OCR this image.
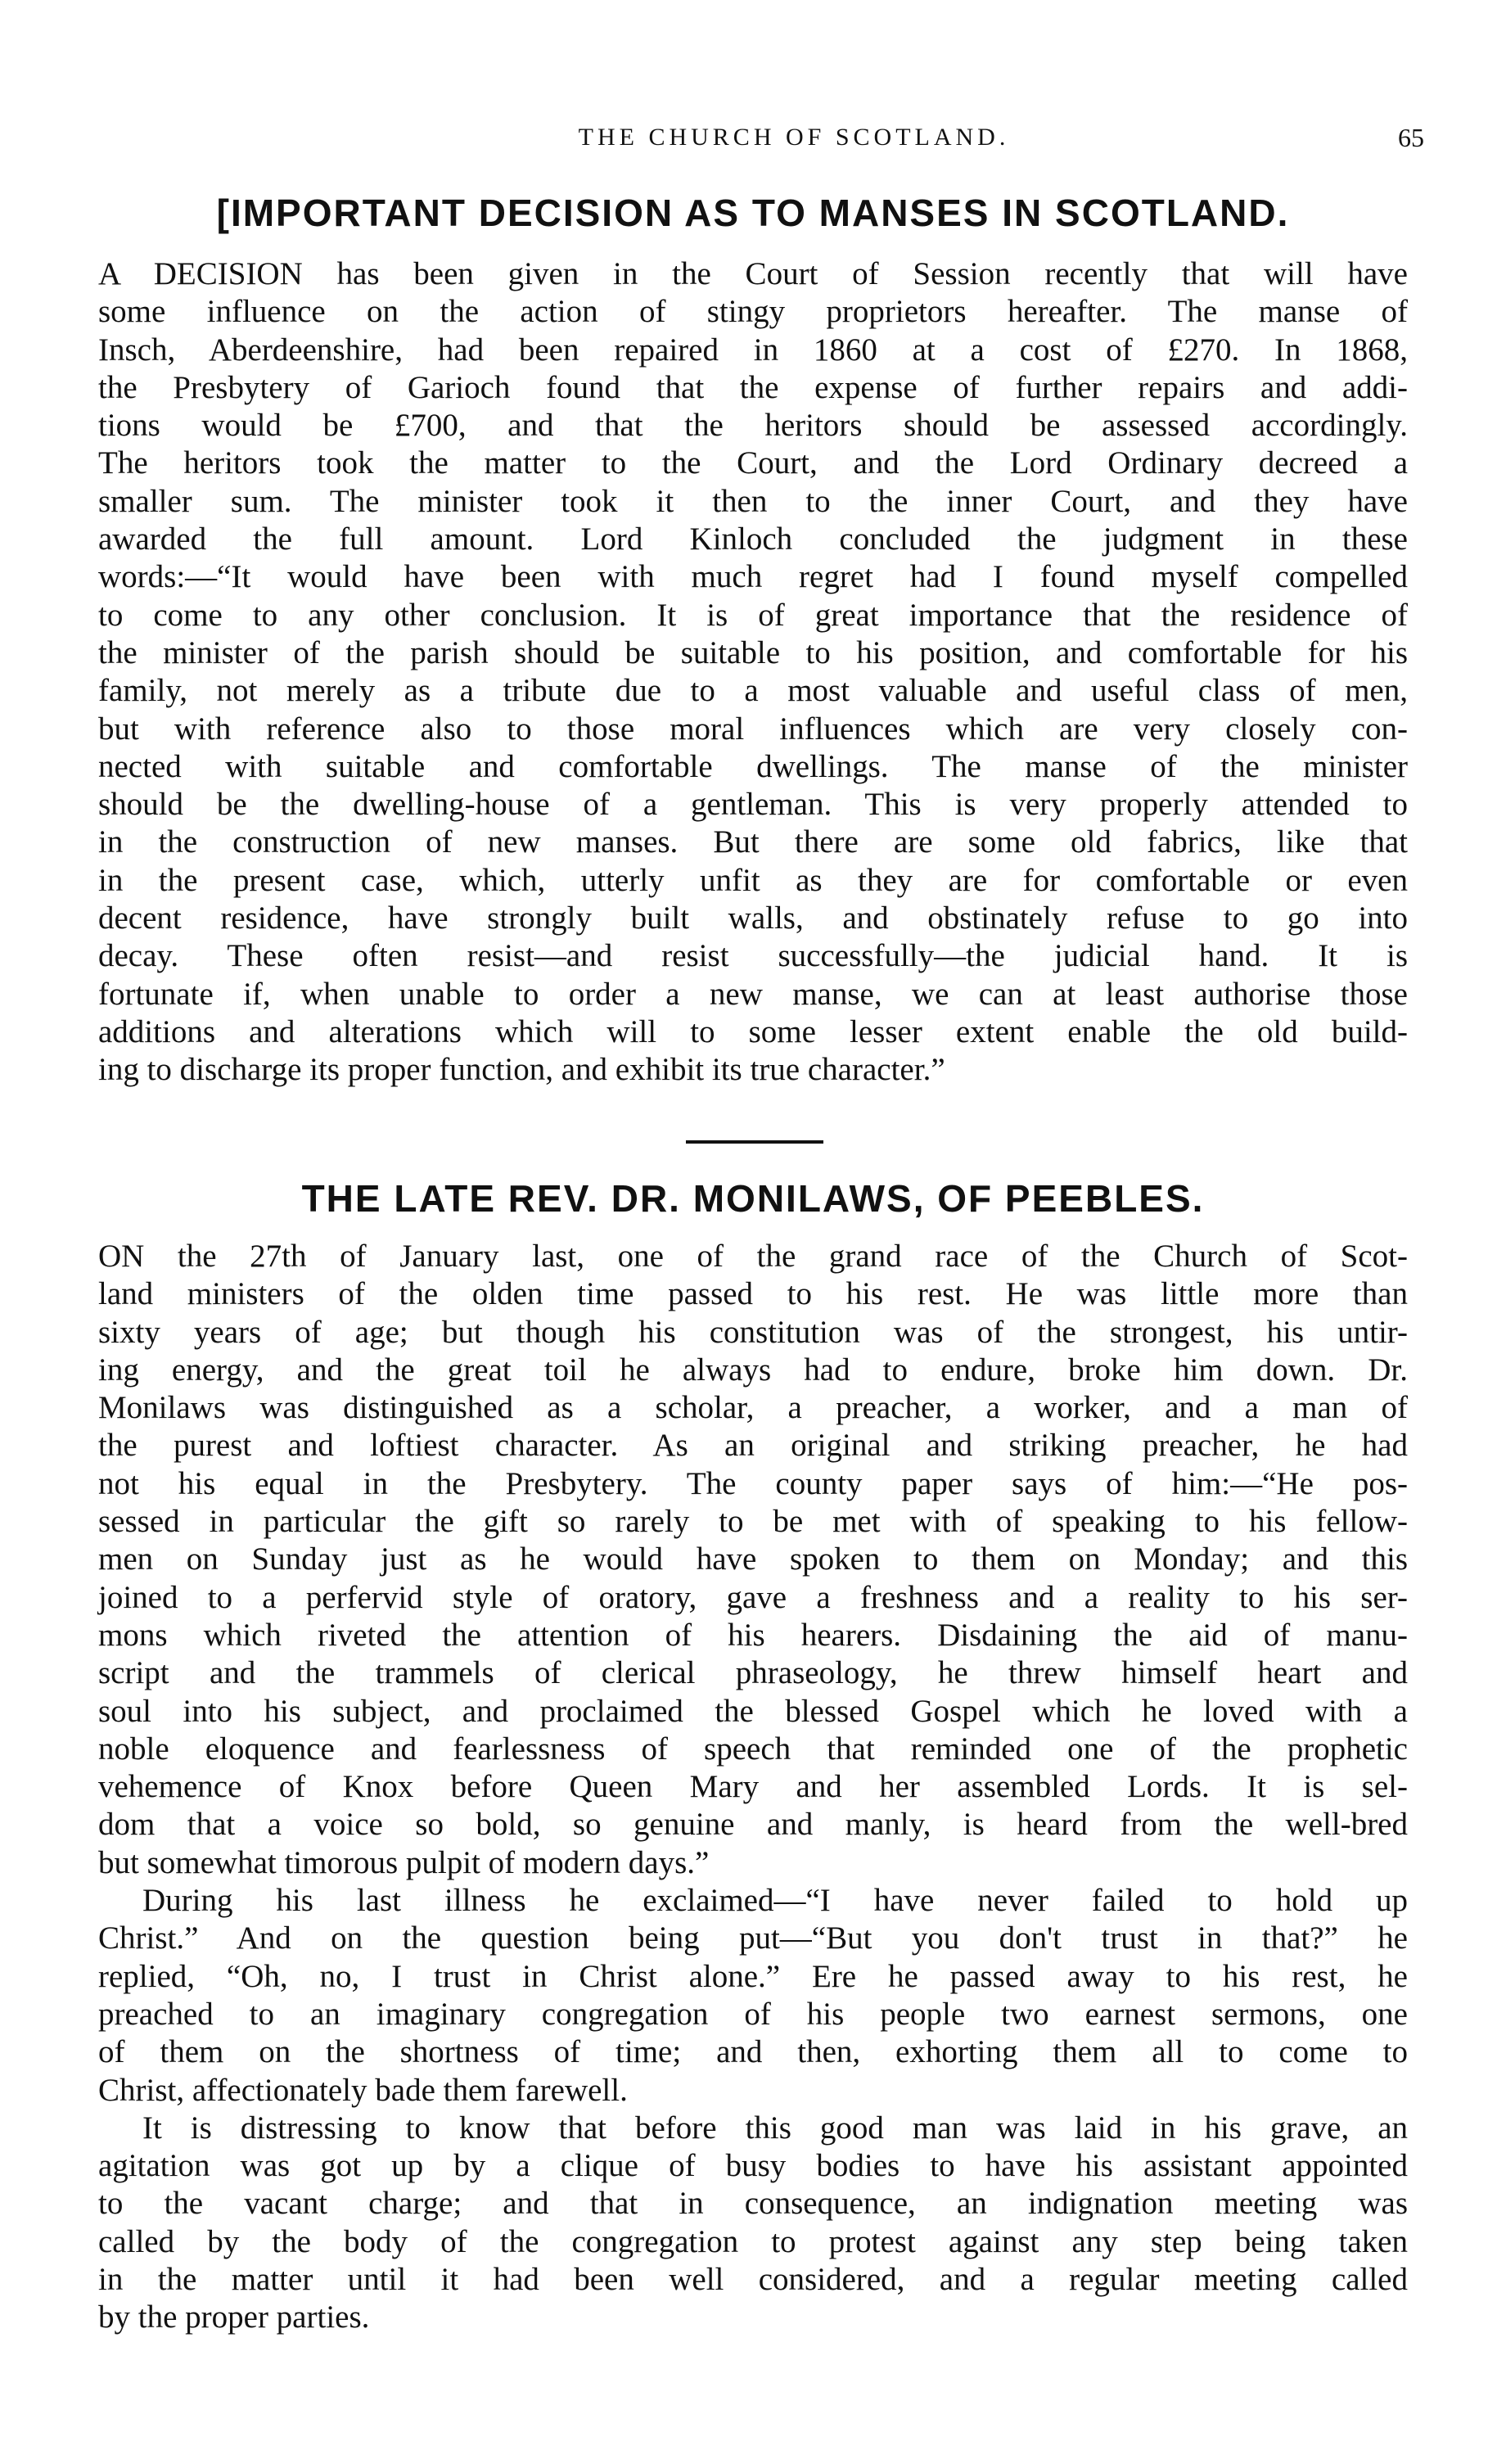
THE CHURCH OF SCOTLAND.	65
[IMPORTANT DECISION AS TO MANSES IN SCOTLAND.

A DECISION has been given in the Court of Session recently that will have
some influence on the action of stingy proprietors hereafter. The manse of
Insch, Aberdeenshire, had been repaired in 1860 at a cost of £270. In 1868,
the Presbytery of Garioch found that the expense of further repairs and addi-
tions would be £700, and that the heritors should be assessed accordingly.
The heritors took the matter to the Court, and the Lord Ordinary decreed a
smaller sum. The minister took it then to the inner Court, and they have
awarded the full amount. Lord Kinloch concluded the judgment in these
words:—“It would have been with much regret had I found myself compelled
to come to any other conclusion. It is of great importance that the residence of
the minister of the parish should be suitable to his position, and comfortable for his
family, not merely as a tribute due to a most valuable and useful class of men,
but with reference also to those moral influences which are very closely con-
nected with suitable and comfortable dwellings. The manse of the minister
should be the dwelling-house of a gentleman. This is very properly attended to
in the construction of new manses. But there are some old fabrics, like that
in the present case, which, utterly unfit as they are for comfortable or even
decent residence, have strongly built walls, and obstinately refuse to go into
decay. These often resist—and resist successfully—the judicial hand. It is
fortunate if, when unable to order a new manse, we can at least authorise those
additions and alterations which will to some lesser extent enable the old build-
ing to discharge its proper function, and exhibit its true character.”

THE LATE REV. DR. MONILAWS, OF PEEBLES.

ON the 27th of January last, one of the grand race of the Church of Scot-
land ministers of the olden time passed to his rest. He was little more than
sixty years of age; but though his constitution was of the strongest, his untir-
ing energy, and the great toil he always had to endure, broke him down. Dr.
Monilaws was distinguished as a scholar, a preacher, a worker, and a man of
the purest and loftiest character. As an original and striking preacher, he had
not his equal in the Presbytery. The county paper says of him:—“He pos-
sessed in particular the gift so rarely to be met with of speaking to his fellow-
men on Sunday just as he would have spoken to them on Monday; and this
joined to a perfervid style of oratory, gave a freshness and a reality to his ser-
mons which riveted the attention of his hearers. Disdaining the aid of manu-
script and the trammels of clerical phraseology, he threw himself heart and
soul into his subject, and proclaimed the blessed Gospel which he loved with a
noble eloquence and fearlessness of speech that reminded one of the prophetic
vehemence of Knox before Queen Mary and her assembled Lords. It is sel-
dom that a voice so bold, so genuine and manly, is heard from the well-bred
but somewhat timorous pulpit of modern days.”
During his last illness he exclaimed—“I have never failed to hold up
Christ.” And on the question being put—“But you don't trust in that?” he
replied, “Oh, no, I trust in Christ alone.” Ere he passed away to his rest, he
preached to an imaginary congregation of his people two earnest sermons, one
of them on the shortness of time; and then, exhorting them all to come to
Christ, affectionately bade them farewell.
It is distressing to know that before this good man was laid in his grave, an
agitation was got up by a clique of busy bodies to have his assistant appointed
to the vacant charge; and that in consequence, an indignation meeting was
called by the body of the congregation to protest against any step being taken
in the matter until it had been well considered, and a regular meeting called
by the proper parties.
